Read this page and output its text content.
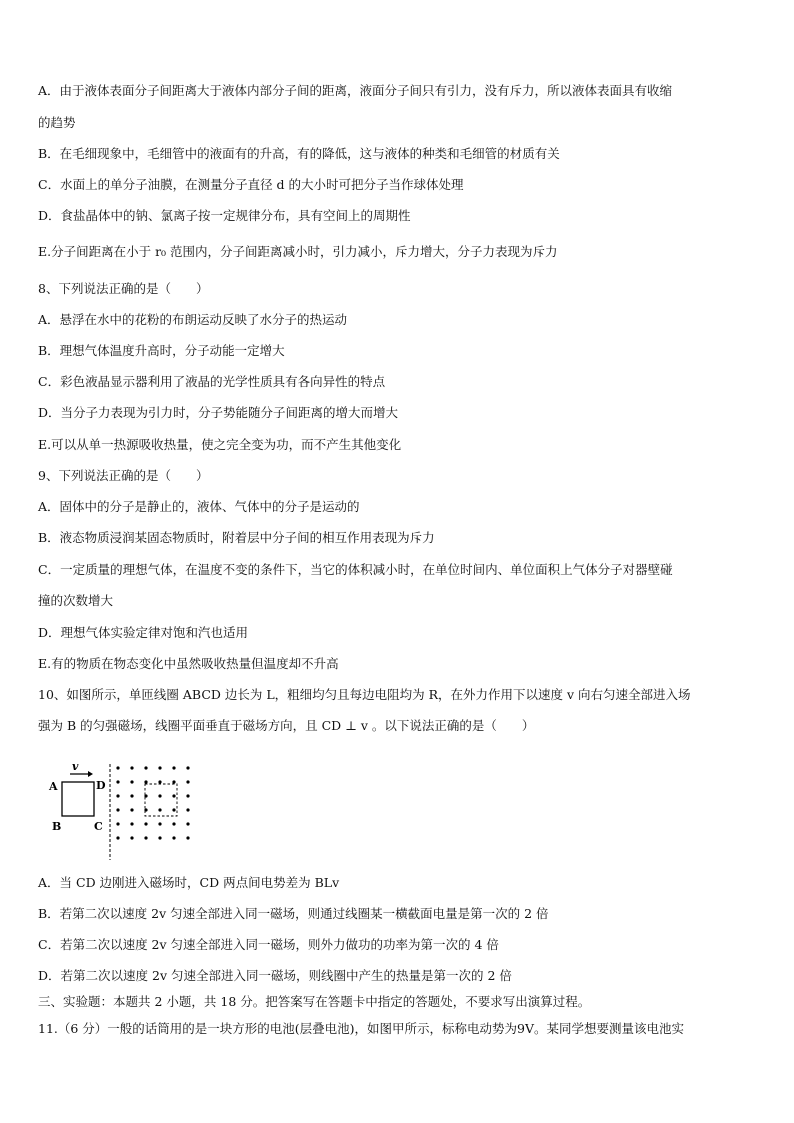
A．由于液体表面分子间距离大于液体内部分子间的距离，液面分子间只有引力，没有斥力，所以液体表面具有收缩
的趋势
B．在毛细现象中，毛细管中的液面有的升高，有的降低，这与液体的种类和毛细管的材质有关
C．水面上的单分子油膜，在测量分子直径 d 的大小时可把分子当作球体处理
D．食盐晶体中的钠、氯离子按一定规律分布，具有空间上的周期性
E.分子间距离在小于 r₀ 范围内，分子间距离减小时，引力减小，斥力增大，分子力表现为斥力
8、下列说法正确的是（　　）
A．悬浮在水中的花粉的布朗运动反映了水分子的热运动
B．理想气体温度升高时，分子动能一定增大
C．彩色液晶显示器利用了液晶的光学性质具有各向异性的特点
D．当分子力表现为引力时，分子势能随分子间距离的增大而增大
E.可以从单一热源吸收热量，使之完全变为功，而不产生其他变化
9、下列说法正确的是（　　）
A．固体中的分子是静止的，液体、气体中的分子是运动的
B．液态物质浸润某固态物质时，附着层中分子间的相互作用表现为斥力
C．一定质量的理想气体，在温度不变的条件下，当它的体积减小时，在单位时间内、单位面积上气体分子对器壁碰
撞的次数增大
D．理想气体实验定律对饱和汽也适用
E.有的物质在物态变化中虽然吸收热量但温度却不升高
10、如图所示，单匝线圈 ABCD 边长为 L，粗细均匀且每边电阻均为 R，在外力作用下以速度 v 向右匀速全部进入场
强为 B 的匀强磁场，线圈平面垂直于磁场方向，且 CD ⊥ v 。以下说法正确的是（　　）
v
A
B	C
D
A．当 CD 边刚进入磁场时，CD 两点间电势差为 BLv
B．若第二次以速度 2v 匀速全部进入同一磁场，则通过线圈某一横截面电量是第一次的 2 倍
C．若第二次以速度 2v 匀速全部进入同一磁场，则外力做功的功率为第一次的 4 倍
D．若第二次以速度 2v 匀速全部进入同一磁场，则线圈中产生的热量是第一次的 2 倍
三、实验题：本题共 2 小题，共 18 分。把答案写在答题卡中指定的答题处，不要求写出演算过程。
11.（6 分）一般的话筒用的是一块方形的电池(层叠电池)，如图甲所示，标称电动势为9V。某同学想要测量该电池实
